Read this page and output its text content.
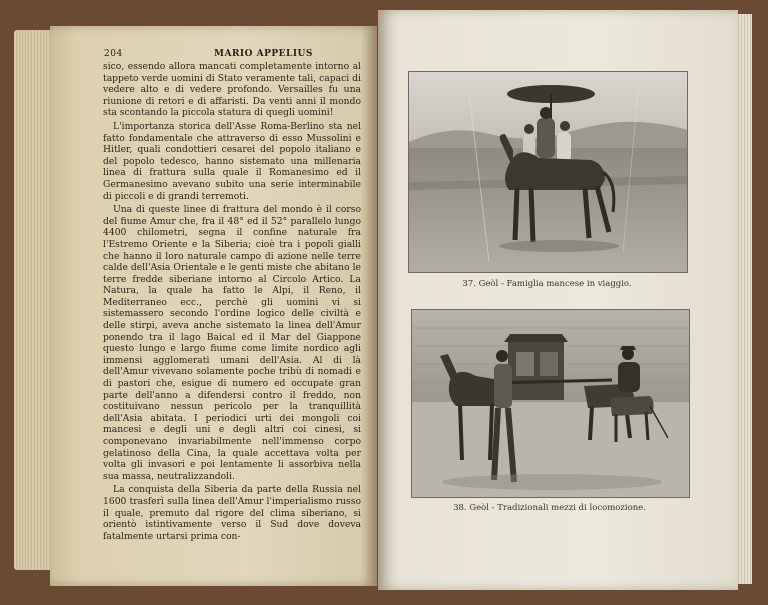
204	MARIO APPELIUS

sico, essendo allora mancati completamente intorno al tappeto verde uomini di Stato veramente tali, capaci di vedere alto e di vedere profondo. Versailles fu una riunione di retori e di affaristi. Da venti anni il mondo sta scontando la piccola statura di quegli uomini!

L'importanza storica dell'Asse Roma-Berlino sta nel fatto fondamentale che attraverso di esso Mussolini e Hitler, quali condottieri cesarei del popolo italiano e del popolo tedesco, hanno sistemato una millenaria linea di frattura sulla quale il Romanesimo ed il Germanesimo avevano subito una serie interminabile di piccoli e di grandi terremoti.

Una di queste linee di frattura del mondo è il corso del fiume Amur che, fra il 48° ed il 52° parallelo lungo 4400 chilometri, segna il confine naturale fra l'Estremo Oriente e la Siberia; cioè tra i popoli gialli che hanno il loro naturale campo di azione nelle terre calde dell'Asia Orientale e le genti miste che abitano le terre fredde siberiane intorno al Circolo Artico. La Natura, la quale ha fatto le Alpi, il Reno, il Mediterraneo ecc., perchè gli uomini vi si sistemassero secondo l'ordine logico delle civiltà e delle stirpi, aveva anche sistemato la linea dell'Amur ponendo tra il lago Baical ed il Mar del Giappone questo lungo e largo fiume come limite nordico agli immensi agglomerati umani dell'Asia. Al di là dell'Amur vivevano solamente poche tribù di nomadi e di pastori che, esigue di numero ed occupate gran parte dell'anno a difendersi contro il freddo, non costituivano nessun pericolo per la tranquillità dell'Asia abitata. I periodici urti dei mongoli coi mancesi e degli uni e degli altri coi cinesi, si componevano invariabilmente nell'immenso corpo gelatinoso della Cina, la quale accettava volta per volta gli invasori e poi lentamente li assorbiva nella sua massa, neutralizzandoli.

La conquista della Siberia da parte della Russia nel 1600 trasferì sulla linea dell'Amur l'imperialismo russo il quale, premuto dal rigore del clima siberiano, si orientò istintivamente verso il Sud dove doveva fatalmente urtarsi prima con-

37. Geòl - Famiglia mancese in viaggio.
38. Geòl - Tradizionali mezzi di locomozione.
